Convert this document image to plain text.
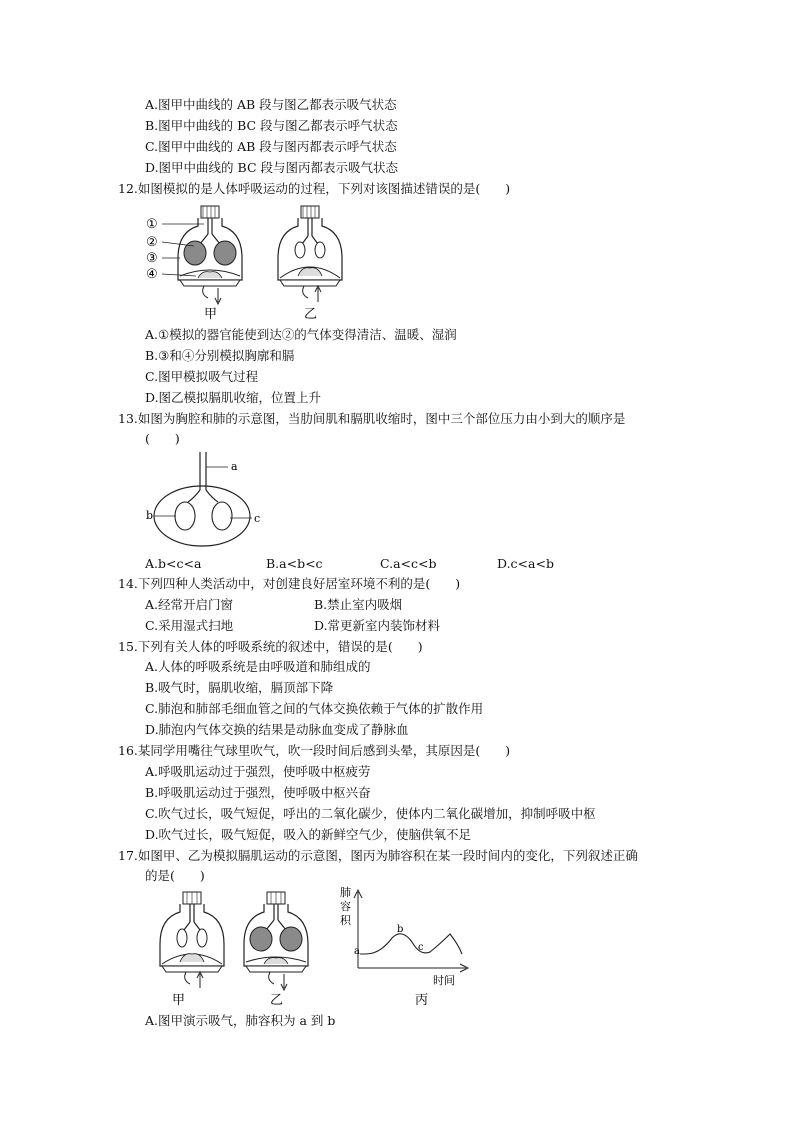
A.图甲中曲线的 AB 段与图乙都表示吸气状态
B.图甲中曲线的 BC 段与图乙都表示呼气状态
C.图甲中曲线的 AB 段与图丙都表示呼气状态
D.图甲中曲线的 BC 段与图丙都表示吸气状态
12.如图模拟的是人体呼吸运动的过程，下列对该图描述错误的是(　　)
①
②
③
④
甲	乙
A.①模拟的器官能使到达②的气体变得清洁、温暖、湿润
B.③和④分别模拟胸廓和膈
C.图甲模拟吸气过程
D.图乙模拟膈肌收缩，位置上升
13.如图为胸腔和肺的示意图，当肋间肌和膈肌收缩时，图中三个部位压力由小到大的顺序是
(　　)
a
b	c
A.b<c<a	B.a<b<c	C.a<c<b	D.c<a<b
14.下列四种人类活动中，对创建良好居室环境不利的是(　　)
A.经常开启门窗	B.禁止室内吸烟
C.采用湿式扫地	D.常更新室内装饰材料
15.下列有关人体的呼吸系统的叙述中，错误的是(　　)
A.人体的呼吸系统是由呼吸道和肺组成的
B.吸气时，膈肌收缩，膈顶部下降
C.肺泡和肺部毛细血管之间的气体交换依赖于气体的扩散作用
D.肺泡内气体交换的结果是动脉血变成了静脉血
16.某同学用嘴往气球里吹气，吹一段时间后感到头晕，其原因是(　　)
A.呼吸肌运动过于强烈，使呼吸中枢疲劳
B.呼吸肌运动过于强烈，使呼吸中枢兴奋
C.吹气过长，吸气短促，呼出的二氧化碳少，使体内二氧化碳增加，抑制呼吸中枢
D.吹气过长，吸气短促，吸入的新鲜空气少，使脑供氧不足
17.如图甲、乙为模拟膈肌运动的示意图，图丙为肺容积在某一段时间内的变化，下列叙述正确
的是(　　)
肺
容
积
a
b
c
时间
甲	乙	丙
A.图甲演示吸气，肺容积为 a 到 b
